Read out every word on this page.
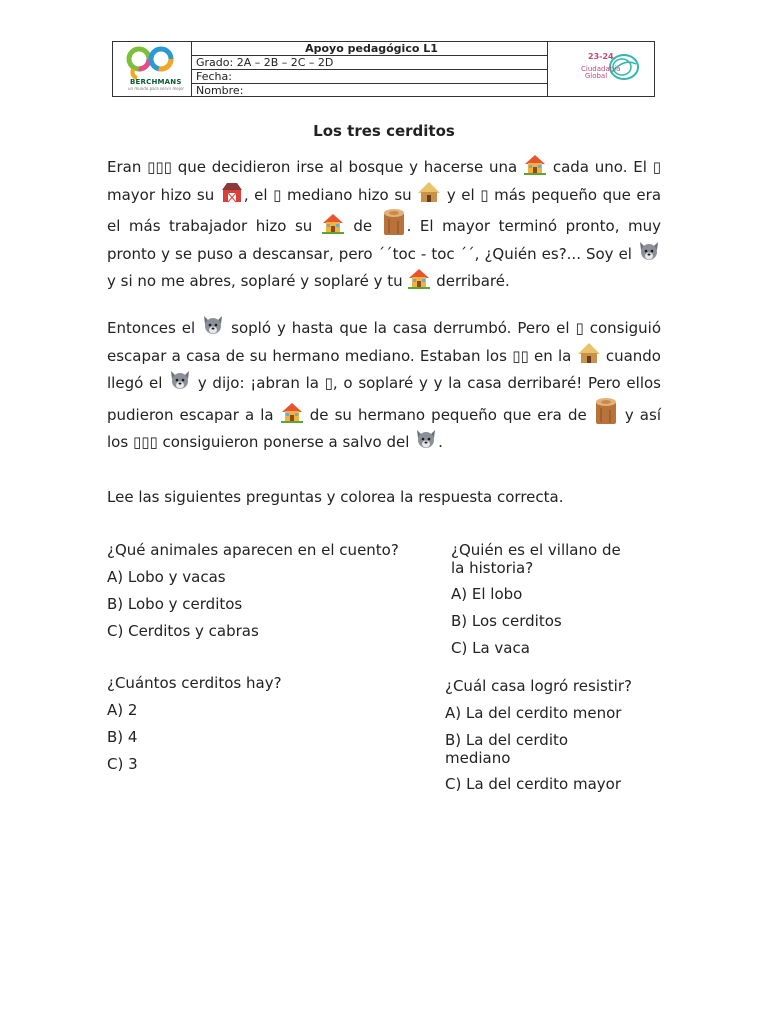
BERCHMANS
un mundo para servir mejor
Apoyo pedagógico L1
Grado: 2A – 2B – 2C – 2D
Fecha:
Nombre:
23-24
Ciudadanía Global
Los tres cerditos

Eran ▯▯▯ que decidieron irse al bosque y hacerse una  cada uno. El ▯ mayor hizo su , el ▯ mediano hizo su  y el ▯ más pequeño que era el más trabajador hizo su  de . El mayor terminó pronto, muy pronto y se puso a descansar, pero ´´toc - toc ´´, ¿Quién es?... Soy el  y si no me abres, soplaré y soplaré y tu  derribaré.

Entonces el  sopló y hasta que la casa derrumbó. Pero el ▯ consiguió escapar a casa de su hermano mediano. Estaban los ▯▯ en la  cuando llegó el  y dijo: ¡abran la ▯, o soplaré y y la casa derribaré! Pero ellos pudieron escapar a la  de su hermano pequeño que era de  y así los ▯▯▯ consiguieron ponerse a salvo del .

Lee las siguientes preguntas y colorea la respuesta correcta.
¿Qué animales aparecen en el cuento?
A) Lobo y vacas
B) Lobo y cerditos
C) Cerditos y cabras
¿Quién es el villano de
la historia?
A) El lobo
B) Los cerditos
C) La vaca
¿Cuántos cerditos hay?
A) 2
B) 4
C) 3
¿Cuál casa logró resistir?
A) La del cerdito menor
B) La del cerdito
mediano
C) La del cerdito mayor
